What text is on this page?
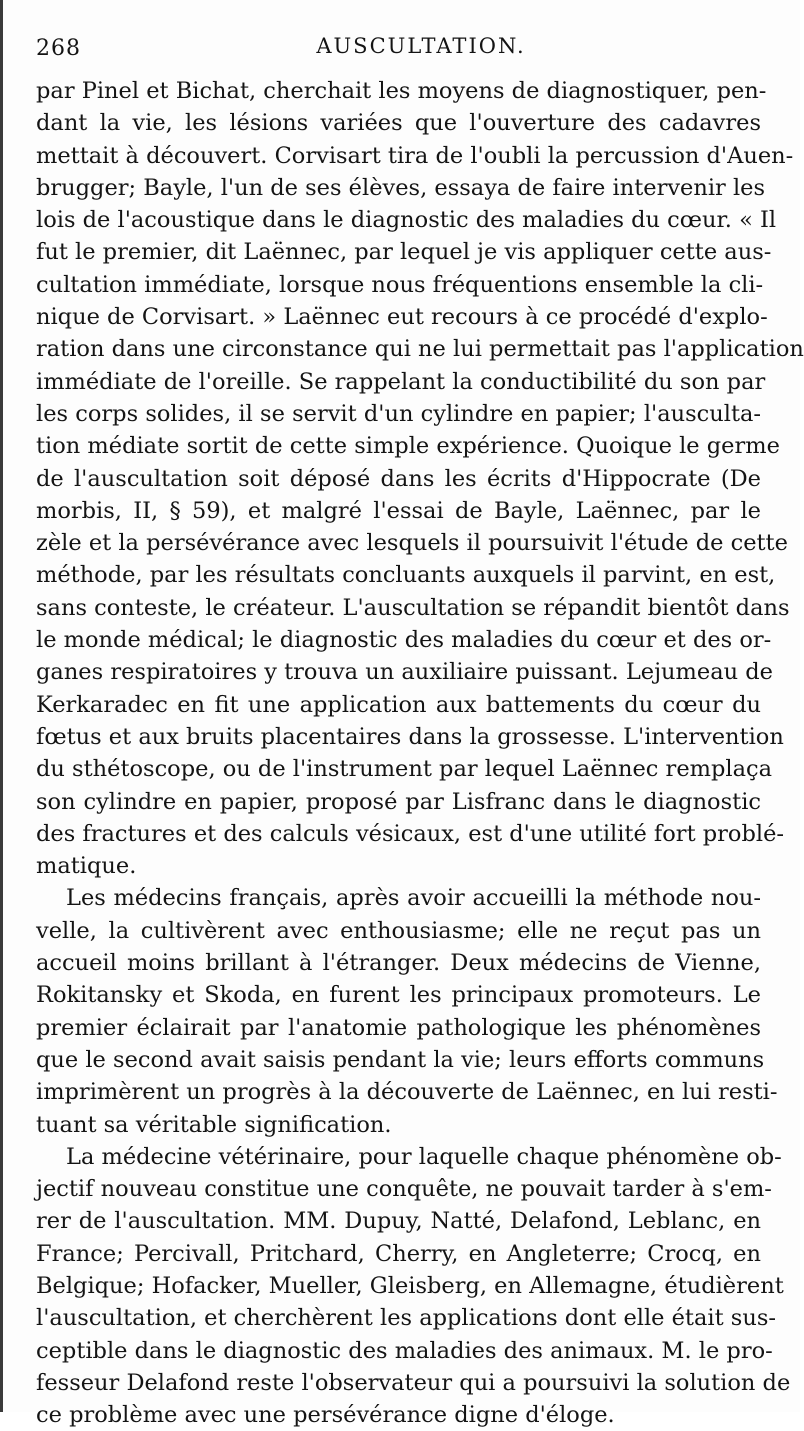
268	AUSCULTATION.
par Pinel et Bichat, cherchait les moyens de diagnostiquer, pen-
dant la vie, les lésions variées que l'ouverture des cadavres
mettait à découvert. Corvisart tira de l'oubli la percussion d'Auen-
brugger; Bayle, l'un de ses élèves, essaya de faire intervenir les
lois de l'acoustique dans le diagnostic des maladies du cœur. « Il
fut le premier, dit Laënnec, par lequel je vis appliquer cette aus-
cultation immédiate, lorsque nous fréquentions ensemble la cli-
nique de Corvisart. » Laënnec eut recours à ce procédé d'explo-
ration dans une circonstance qui ne lui permettait pas l'application
immédiate de l'oreille. Se rappelant la conductibilité du son par
les corps solides, il se servit d'un cylindre en papier; l'ausculta-
tion médiate sortit de cette simple expérience. Quoique le germe
de l'auscultation soit déposé dans les écrits d'Hippocrate (De
morbis, II, § 59), et malgré l'essai de Bayle, Laënnec, par le
zèle et la persévérance avec lesquels il poursuivit l'étude de cette
méthode, par les résultats concluants auxquels il parvint, en est,
sans conteste, le créateur. L'auscultation se répandit bientôt dans
le monde médical; le diagnostic des maladies du cœur et des or-
ganes respiratoires y trouva un auxiliaire puissant. Lejumeau de
Kerkaradec en fit une application aux battements du cœur du
fœtus et aux bruits placentaires dans la grossesse. L'intervention
du sthétoscope, ou de l'instrument par lequel Laënnec remplaça
son cylindre en papier, proposé par Lisfranc dans le diagnostic
des fractures et des calculs vésicaux, est d'une utilité fort problé-
matique.
Les médecins français, après avoir accueilli la méthode nou-
velle, la cultivèrent avec enthousiasme; elle ne reçut pas un
accueil moins brillant à l'étranger. Deux médecins de Vienne,
Rokitansky et Skoda, en furent les principaux promoteurs. Le
premier éclairait par l'anatomie pathologique les phénomènes
que le second avait saisis pendant la vie; leurs efforts communs
imprimèrent un progrès à la découverte de Laënnec, en lui resti-
tuant sa véritable signification.
La médecine vétérinaire, pour laquelle chaque phénomène ob-
jectif nouveau constitue une conquête, ne pouvait tarder à s'em-
rer de l'auscultation. MM. Dupuy, Natté, Delafond, Leblanc, en
France; Percivall, Pritchard, Cherry, en Angleterre; Crocq, en
Belgique; Hofacker, Mueller, Gleisberg, en Allemagne, étudièrent
l'auscultation, et cherchèrent les applications dont elle était sus-
ceptible dans le diagnostic des maladies des animaux. M. le pro-
fesseur Delafond reste l'observateur qui a poursuivi la solution de
ce problème avec une persévérance digne d'éloge.
